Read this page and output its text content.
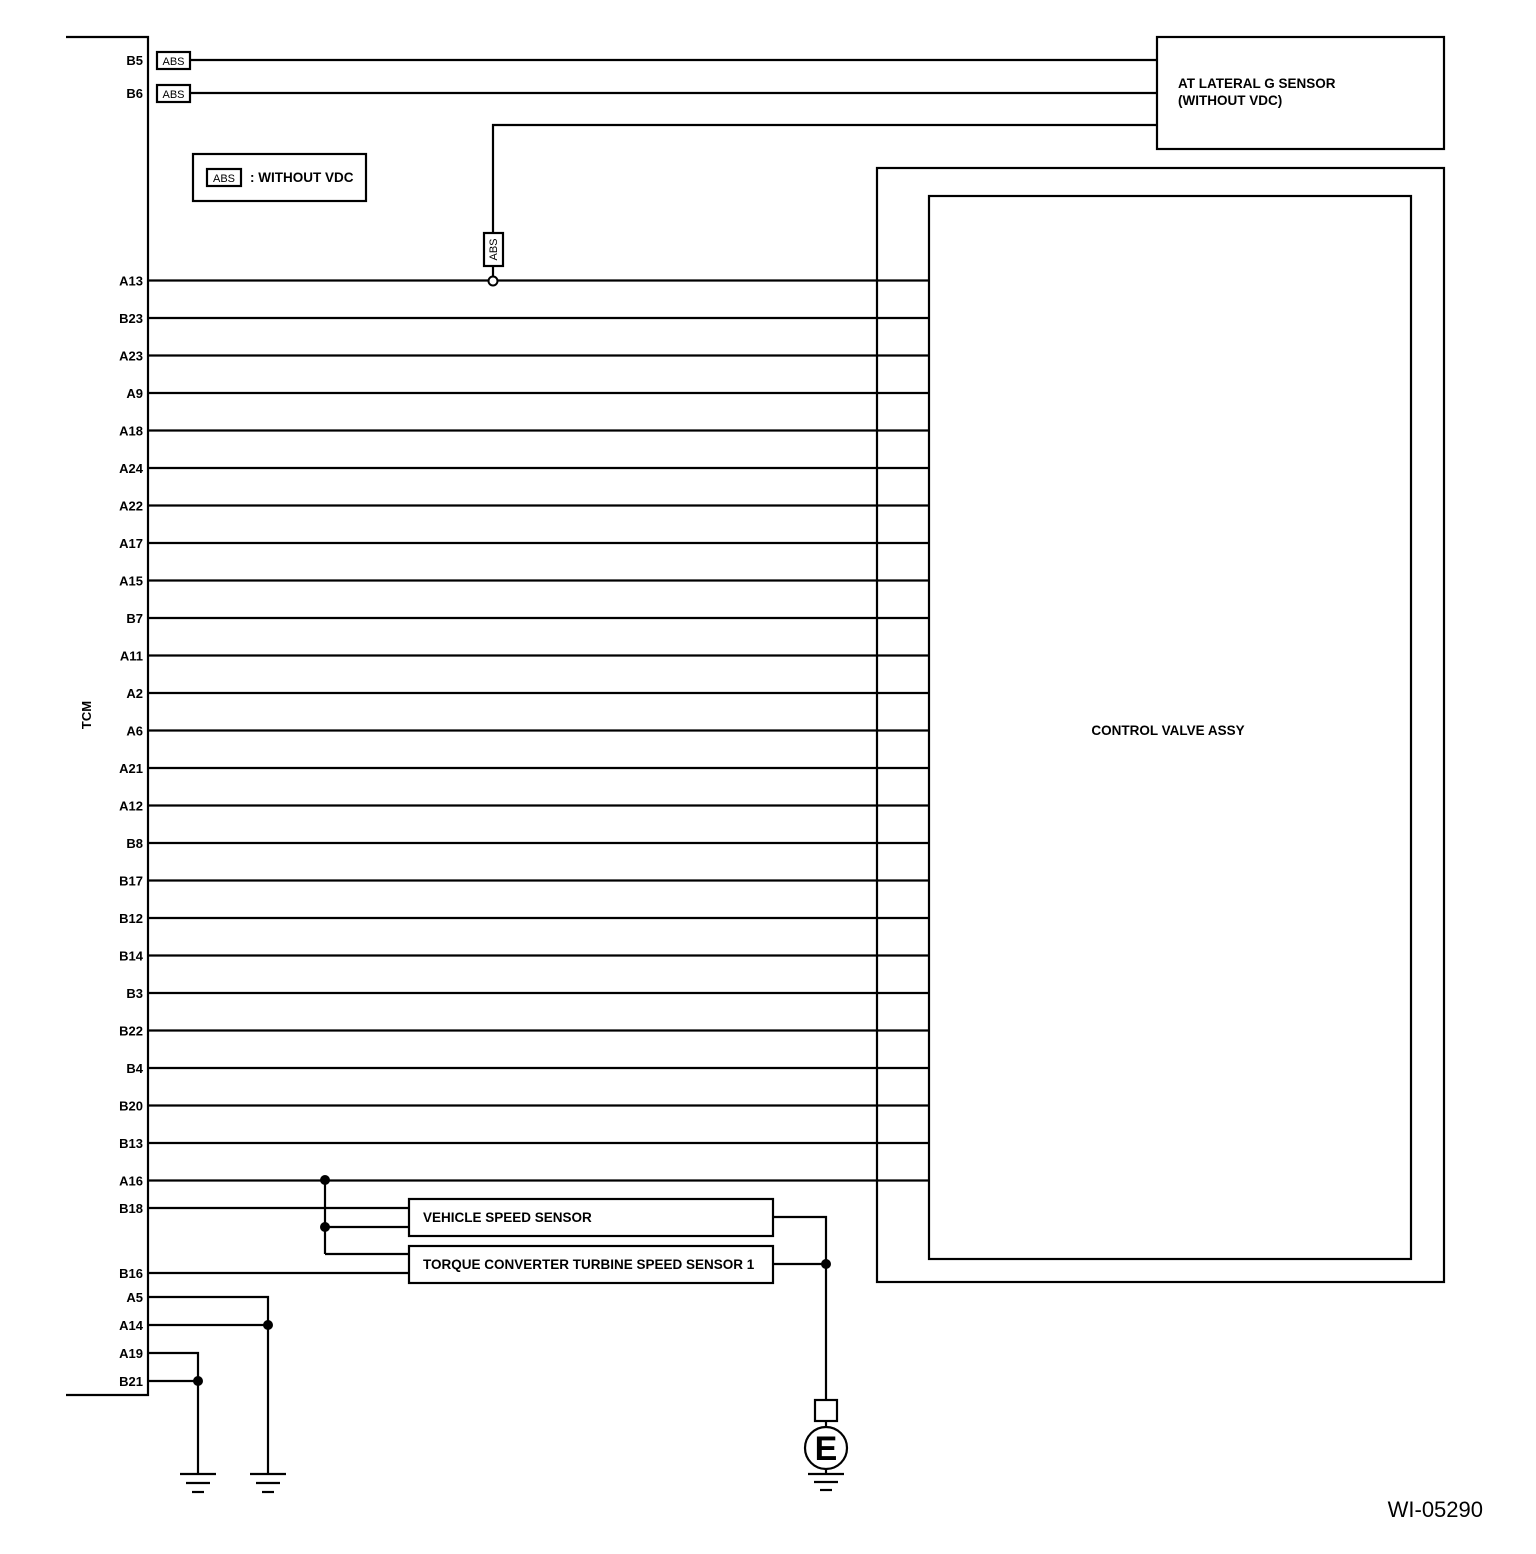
TCM
ABS
ABS
ABS
ABS : WITHOUT VDC
AT LATERAL G SENSOR
(WITHOUT VDC)
CONTROL VALVE ASSY
VEHICLE SPEED SENSOR
TORQUE CONVERTER TURBINE SPEED SENSOR 1
E
WI-05290
B5
B6
B18
B16
A5
A14
A19
B21
A13
B23
A23
A9
A18
A24
A22
A17
A15
B7
A11
A2
A6
A21
A12
B8
B17
B12
B14
B3
B22
B4
B20
B13
A16
